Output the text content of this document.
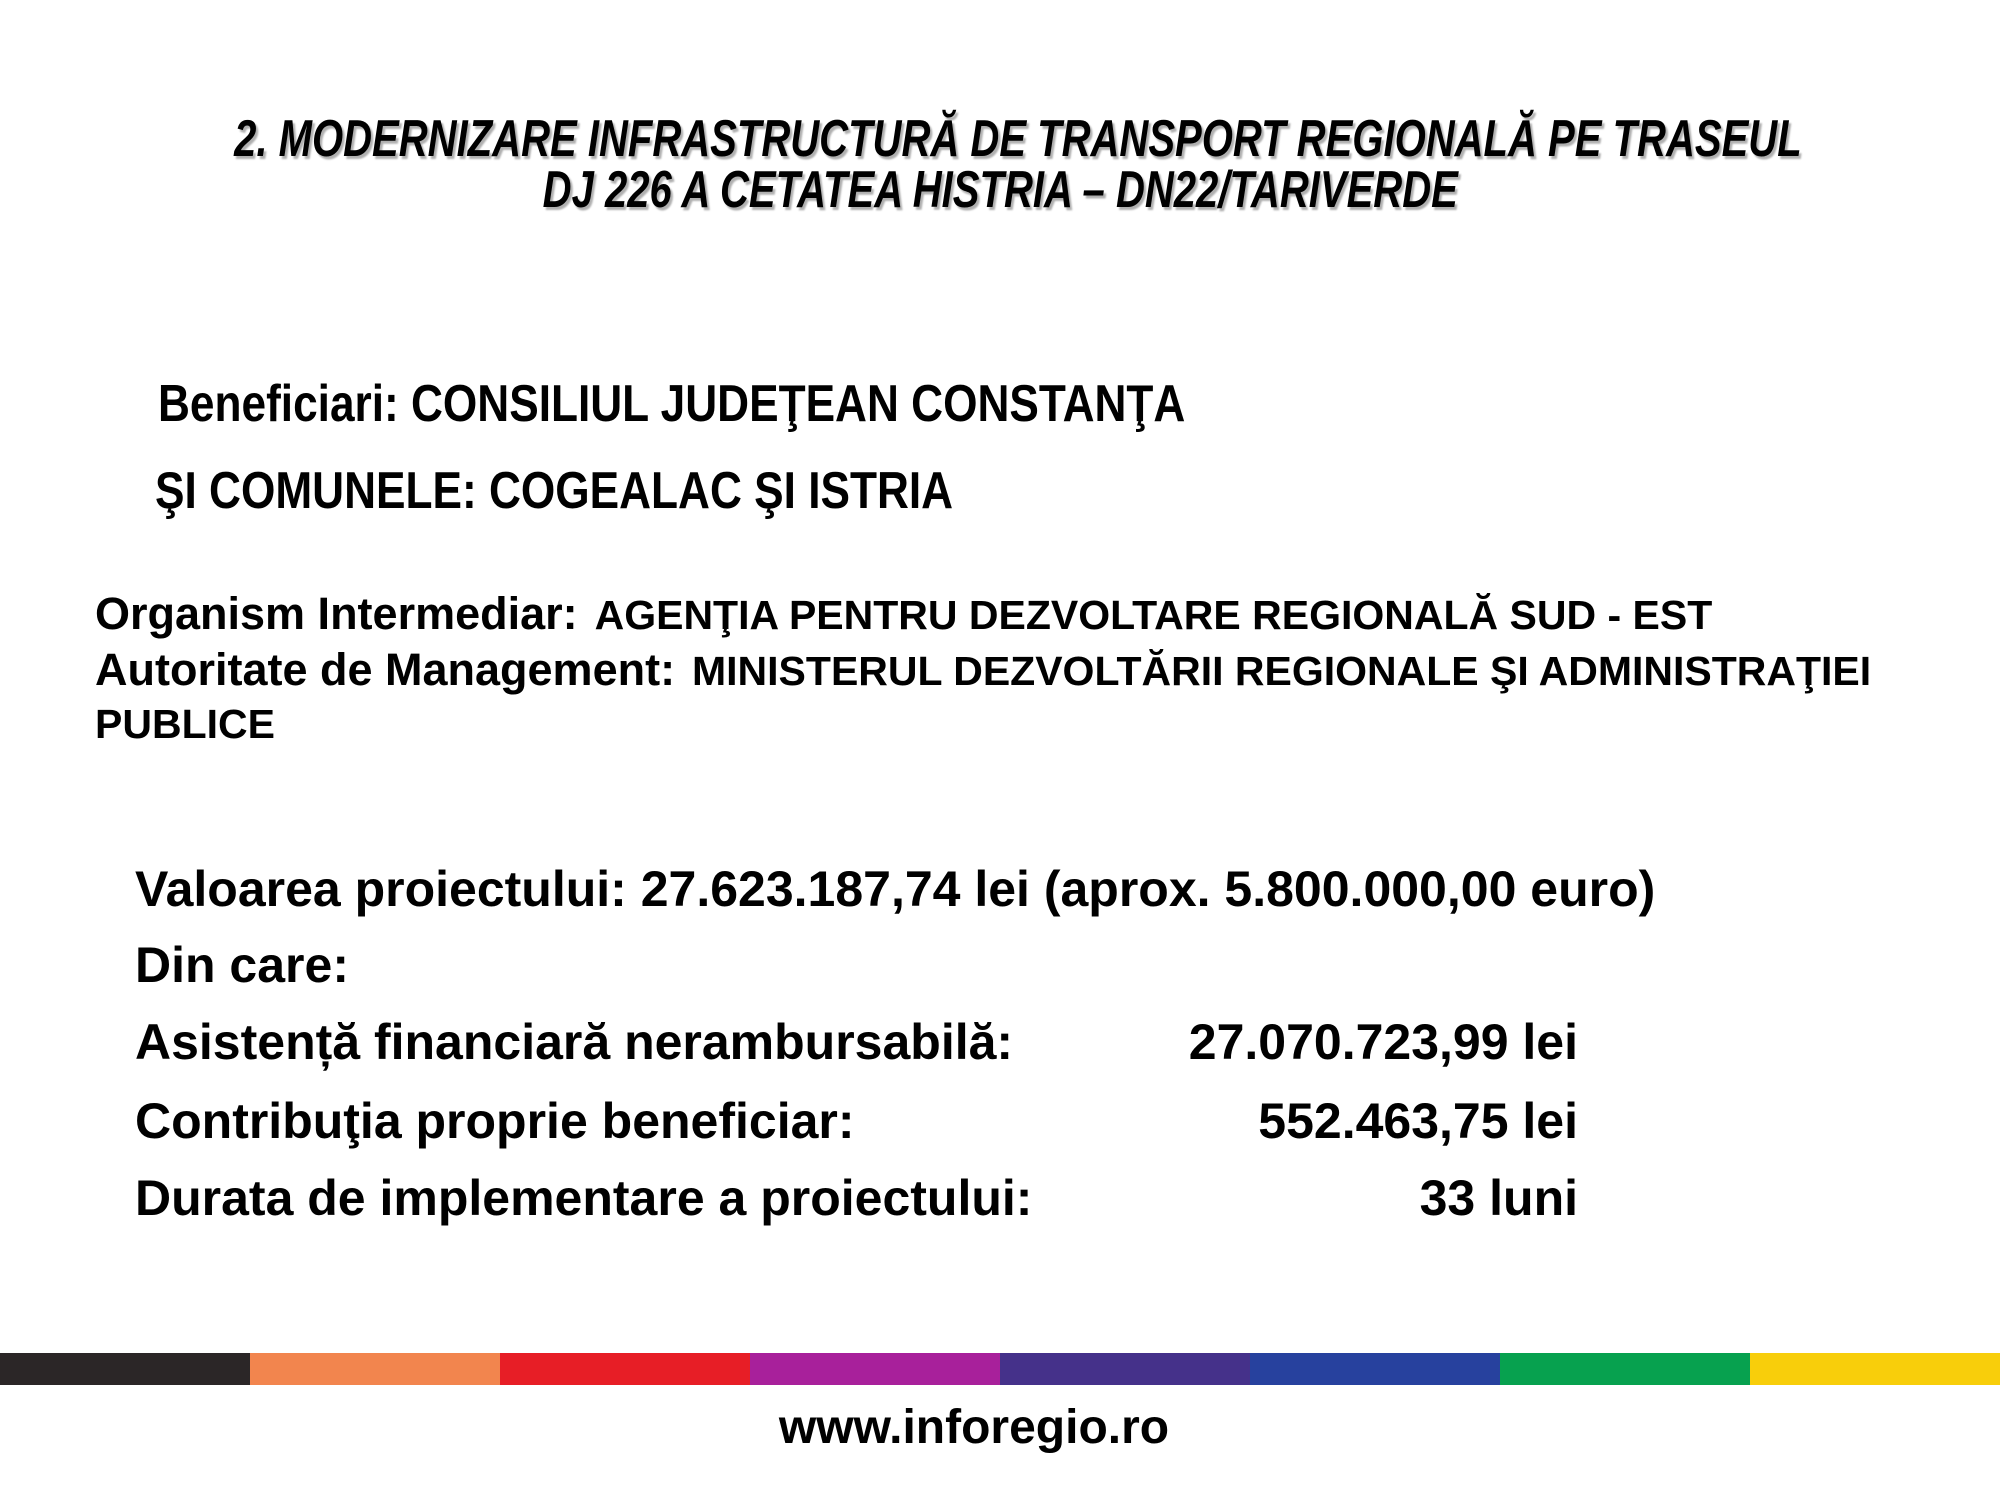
2. MODERNIZARE INFRASTRUCTURĂ DE TRANSPORT REGIONALĂ PE TRASEUL
DJ 226 A CETATEA HISTRIA – DN22/TARIVERDE
Beneficiari: CONSILIUL JUDEŢEAN CONSTANŢA
ŞI COMUNELE: COGEALAC ŞI ISTRIA
Organism Intermediar:  AGENŢIA PENTRU DEZVOLTARE REGIONALĂ SUD - EST
Autoritate de Management:  MINISTERUL DEZVOLTĂRII REGIONALE ŞI ADMINISTRAŢIEI
PUBLICE
Valoarea proiectului: 27.623.187,74 lei (aprox. 5.800.000,00 euro)
Din care:
Asistență financiară nerambursabilă:	27.070.723,99 lei
Contribuţia proprie beneficiar:	552.463,75 lei
Durata de implementare a proiectului:	33 luni
www.inforegio.ro
